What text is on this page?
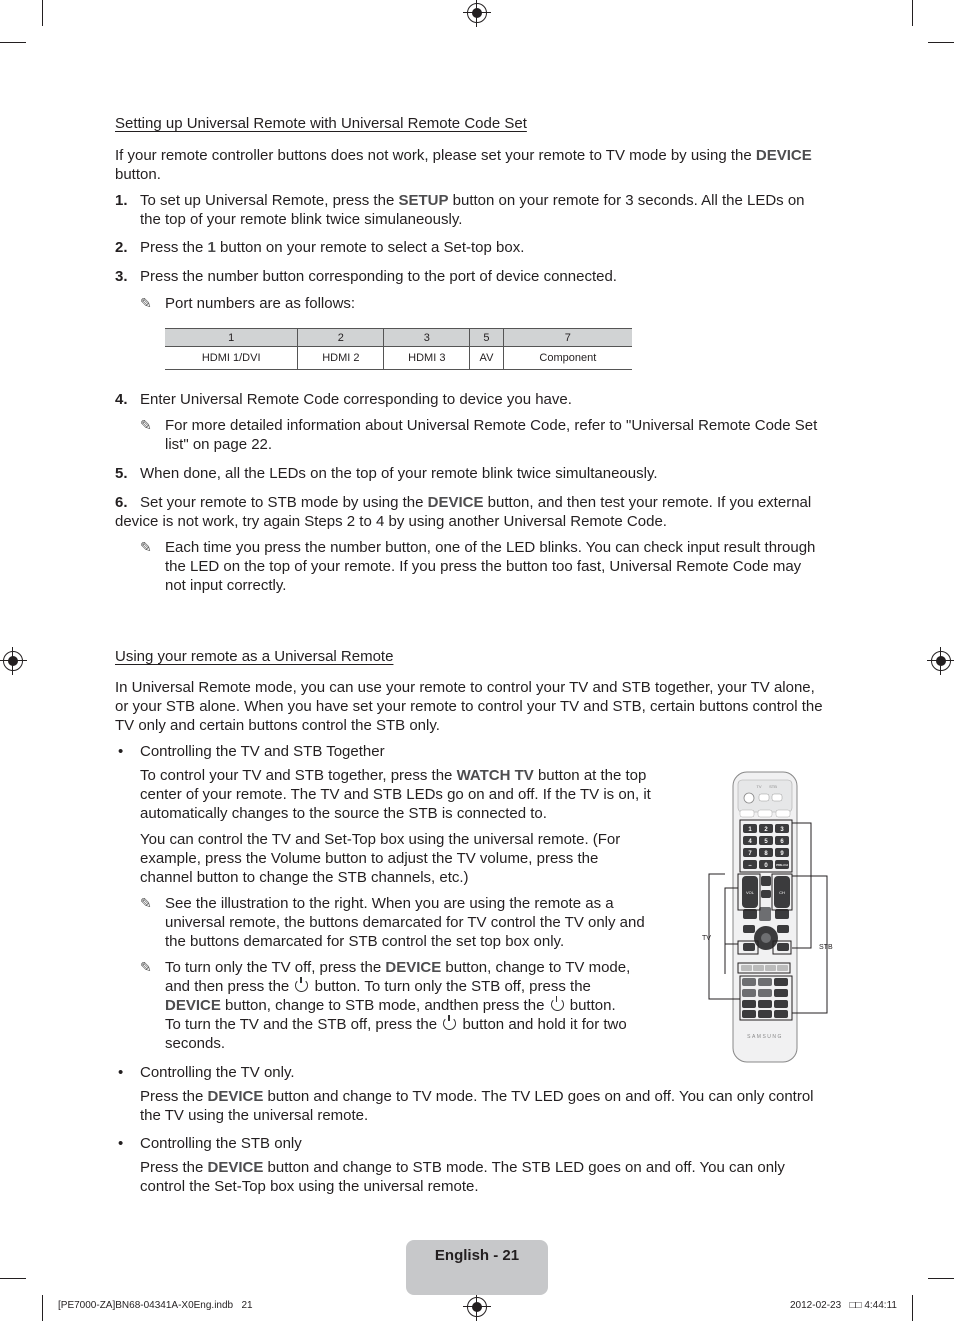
Setting up Universal Remote with Universal Remote Code Set
If your remote controller buttons does not work, please set your remote to TV mode by using the DEVICE
button.
1. To set up Universal Remote, press the SETUP button on your remote for 3 seconds. All the LEDs on
the top of your remote blink twice simulaneously.
2. Press the 1 button on your remote to select a Set-top box.
3. Press the number button corresponding to the port of device connected.
✎ Port numbers are as follows:
1	2	3	5	7
HDMI 1/DVI	HDMI 2	HDMI 3	AV	Component
4. Enter Universal Remote Code corresponding to device you have.
✎ For more detailed information about Universal Remote Code, refer to "Universal Remote Code Set
list" on page 22.
5. When done, all the LEDs on the top of your remote blink twice simultaneously.
6. Set your remote to STB mode by using the DEVICE button, and then test your remote. If you external
device is not work, try again Steps 2 to 4 by using another Universal Remote Code.
✎ Each time you press the number button, one of the LED blinks. You can check input result through
the LED on the top of your remote. If you press the button too fast, Universal Remote Code may
not input correctly.
Using your remote as a Universal Remote
In Universal Remote mode, you can use your remote to control your TV and STB together, your TV alone,
or your STB alone. When you have set your remote to control your TV and STB, certain buttons control the
TV only and certain buttons control the STB only.
• Controlling the TV and STB Together
To control your TV and STB together, press the WATCH TV button at the top
center of your remote. The TV and STB LEDs go on and off. If the TV is on, it
automatically changes to the source the STB is connected to.
You can control the TV and Set-Top box using the universal remote. (For
example, press the Volume button to adjust the TV volume, press the
channel button to change the STB channels, etc.)
✎ See the illustration to the right. When you are using the remote as a
universal remote, the buttons demarcated for TV control the TV only and
the buttons demarcated for STB control the set top box only.
✎ To turn only the TV off, press the DEVICE button, change to TV mode,
and then press the  button. To turn only the STB off, press the
DEVICE button, change to STB mode, andthen press the  button.
To turn the TV and the STB off, press the  button and hold it for two
seconds.
• Controlling the TV only.
Press the DEVICE button and change to TV mode. The TV LED goes on and off. You can only control
the TV using the universal remote.
• Controlling the STB only
Press the DEVICE button and change to STB mode. The STB LED goes on and off. You can only
control the Set-Top box using the universal remote.
TV STB
1 2 3
4 5 6
7 8 9
– 0	PRE-CH
VOL	CH
SAMSUNG
TV
STB
English - 21
[PE7000-ZA]BN68-04341A-X0Eng.indb   21	2012-02-23   □□ 4:44:11
